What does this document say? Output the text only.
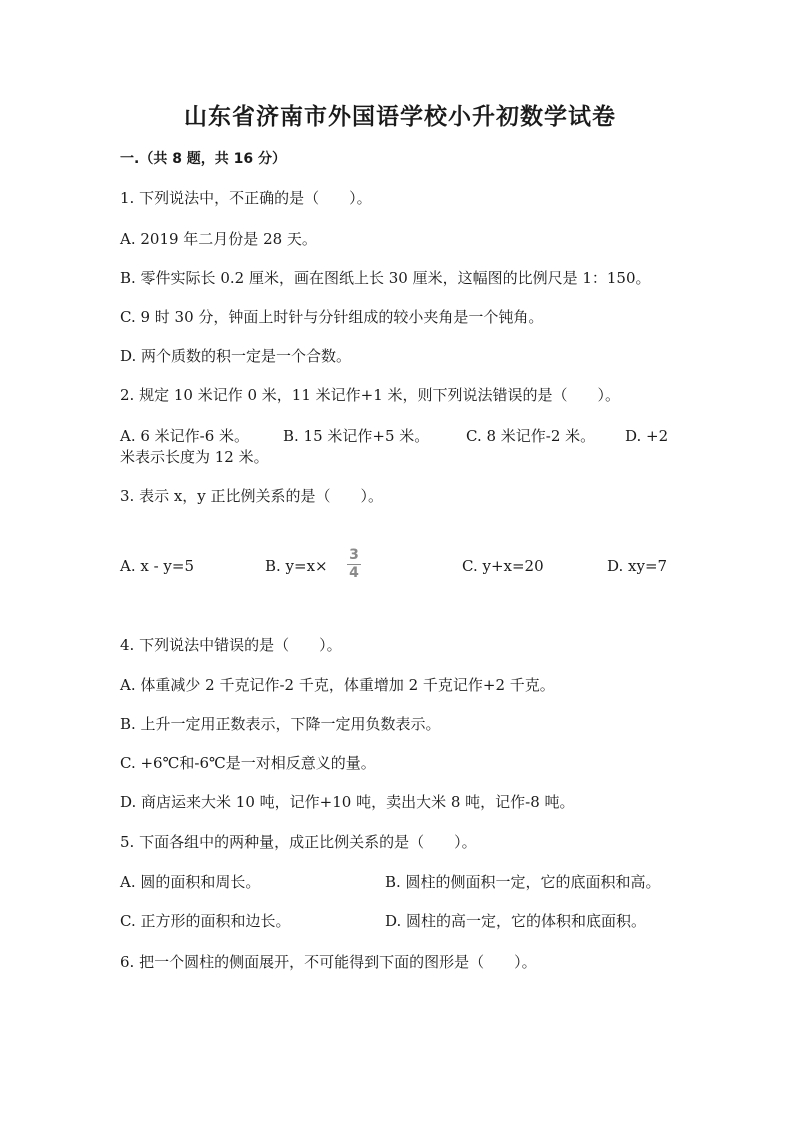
山东省济南市外国语学校小升初数学试卷
一.（共 8 题，共 16 分）
1. 下列说法中，不正确的是（　　）。
A. 2019 年二月份是 28 天。
B. 零件实际长 0.2 厘米，画在图纸上长 30 厘米，这幅图的比例尺是 1：150。
C. 9 时 30 分，钟面上时针与分针组成的较小夹角是一个钝角。
D. 两个质数的积一定是一个合数。
2. 规定 10 米记作 0 米，11 米记作+1 米，则下列说法错误的是（　　）。
A. 6 米记作-6 米。 B. 15 米记作+5 米。 C. 8 米记作-2 米。 D. +2
米表示长度为 12 米。
3. 表示 x，y 正比例关系的是（　　）。
A. x - y=5	B. y=x×
3
4	C. y+x=20	D. xy=7
4. 下列说法中错误的是（　　）。
A. 体重减少 2 千克记作-2 千克，体重增加 2 千克记作+2 千克。
B. 上升一定用正数表示，下降一定用负数表示。
C. +6℃和-6℃是一对相反意义的量。
D. 商店运来大米 10 吨，记作+10 吨，卖出大米 8 吨，记作-8 吨。
5. 下面各组中的两种量，成正比例关系的是（　　）。
A. 圆的面积和周长。	B. 圆柱的侧面积一定，它的底面积和高。
C. 正方形的面积和边长。	D. 圆柱的高一定，它的体积和底面积。
6. 把一个圆柱的侧面展开，不可能得到下面的图形是（　　）。
